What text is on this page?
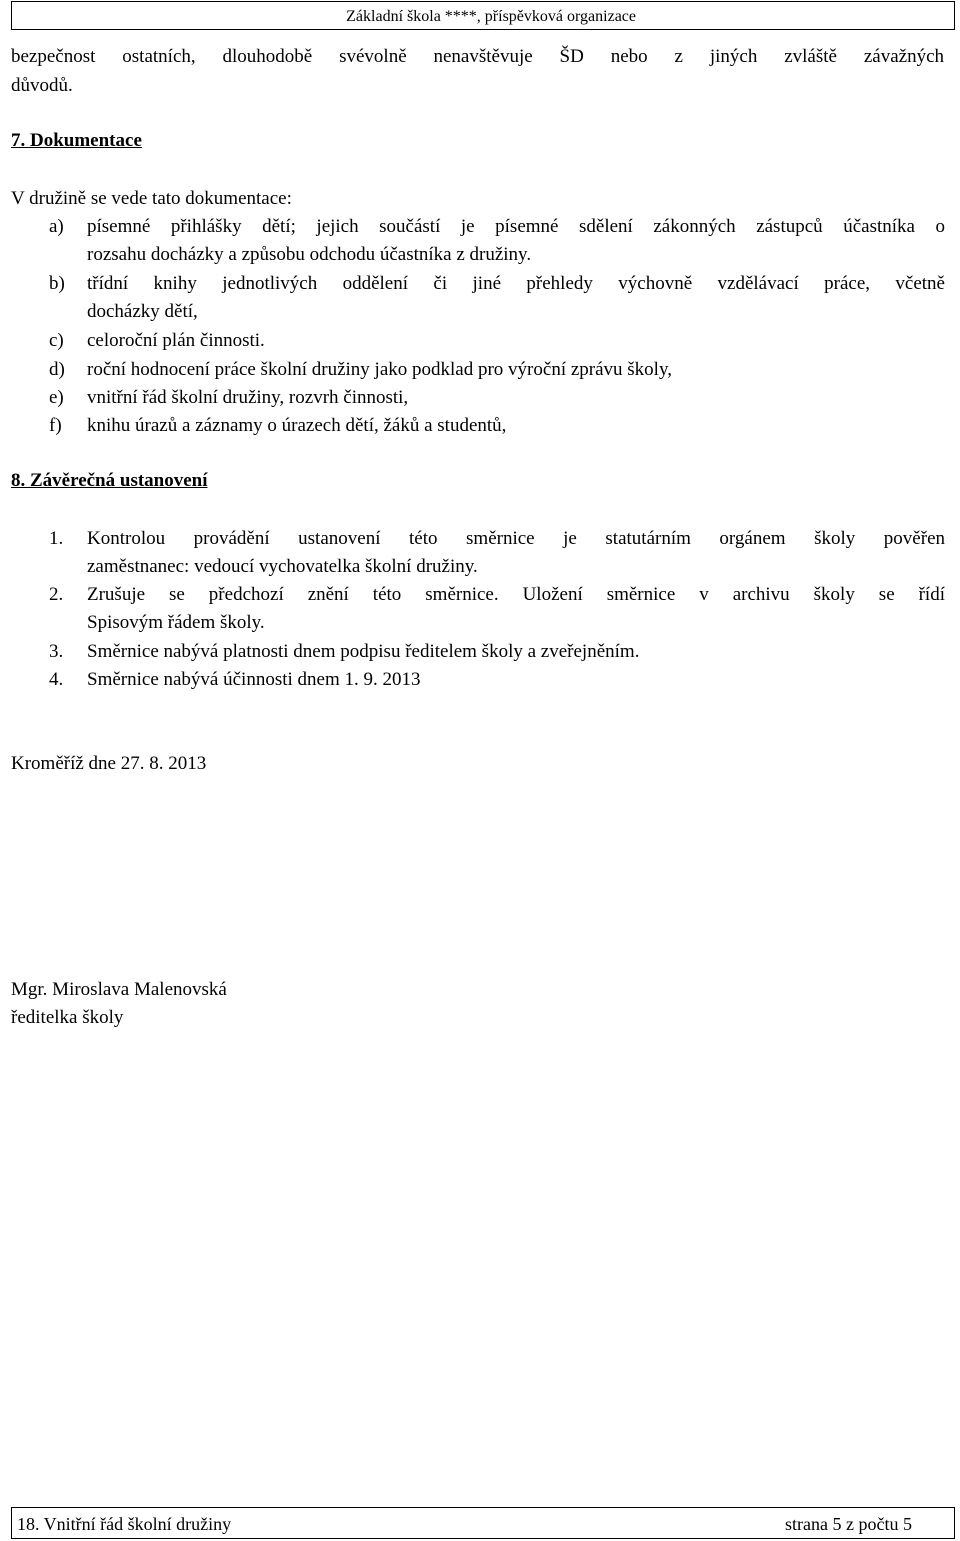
Základní škola ****, příspěvková organizace
bezpečnost ostatních, dlouhodobě svévolně nenavštěvuje ŠD nebo z jiných zvláště závažných
důvodů.
7. Dokumentace
V družině se vede tato dokumentace:
a) písemné přihlášky dětí; jejich součástí je písemné sdělení zákonných zástupců účastníka o
rozsahu docházky a způsobu odchodu účastníka z družiny.
b) třídní knihy jednotlivých oddělení či jiné přehledy výchovně vzdělávací práce, včetně
docházky dětí,
c) celoroční plán činnosti.
d) roční hodnocení práce školní družiny jako podklad pro výroční zprávu školy,
e) vnitřní řád školní družiny, rozvrh činnosti,
f) knihu úrazů a záznamy o úrazech dětí, žáků a studentů,
8. Závěrečná ustanovení
1. Kontrolou provádění ustanovení této směrnice je statutárním orgánem školy pověřen
zaměstnanec: vedoucí vychovatelka školní družiny.
2. Zrušuje se předchozí znění této směrnice. Uložení směrnice v archivu školy se řídí
Spisovým řádem školy.
3. Směrnice nabývá platnosti dnem podpisu ředitelem školy a zveřejněním.
4. Směrnice nabývá účinnosti dnem 1. 9. 2013
Kroměříž dne 27. 8. 2013
Mgr. Miroslava Malenovská
ředitelka školy
18. Vnitřní řád školní družiny	strana 5 z počtu 5
